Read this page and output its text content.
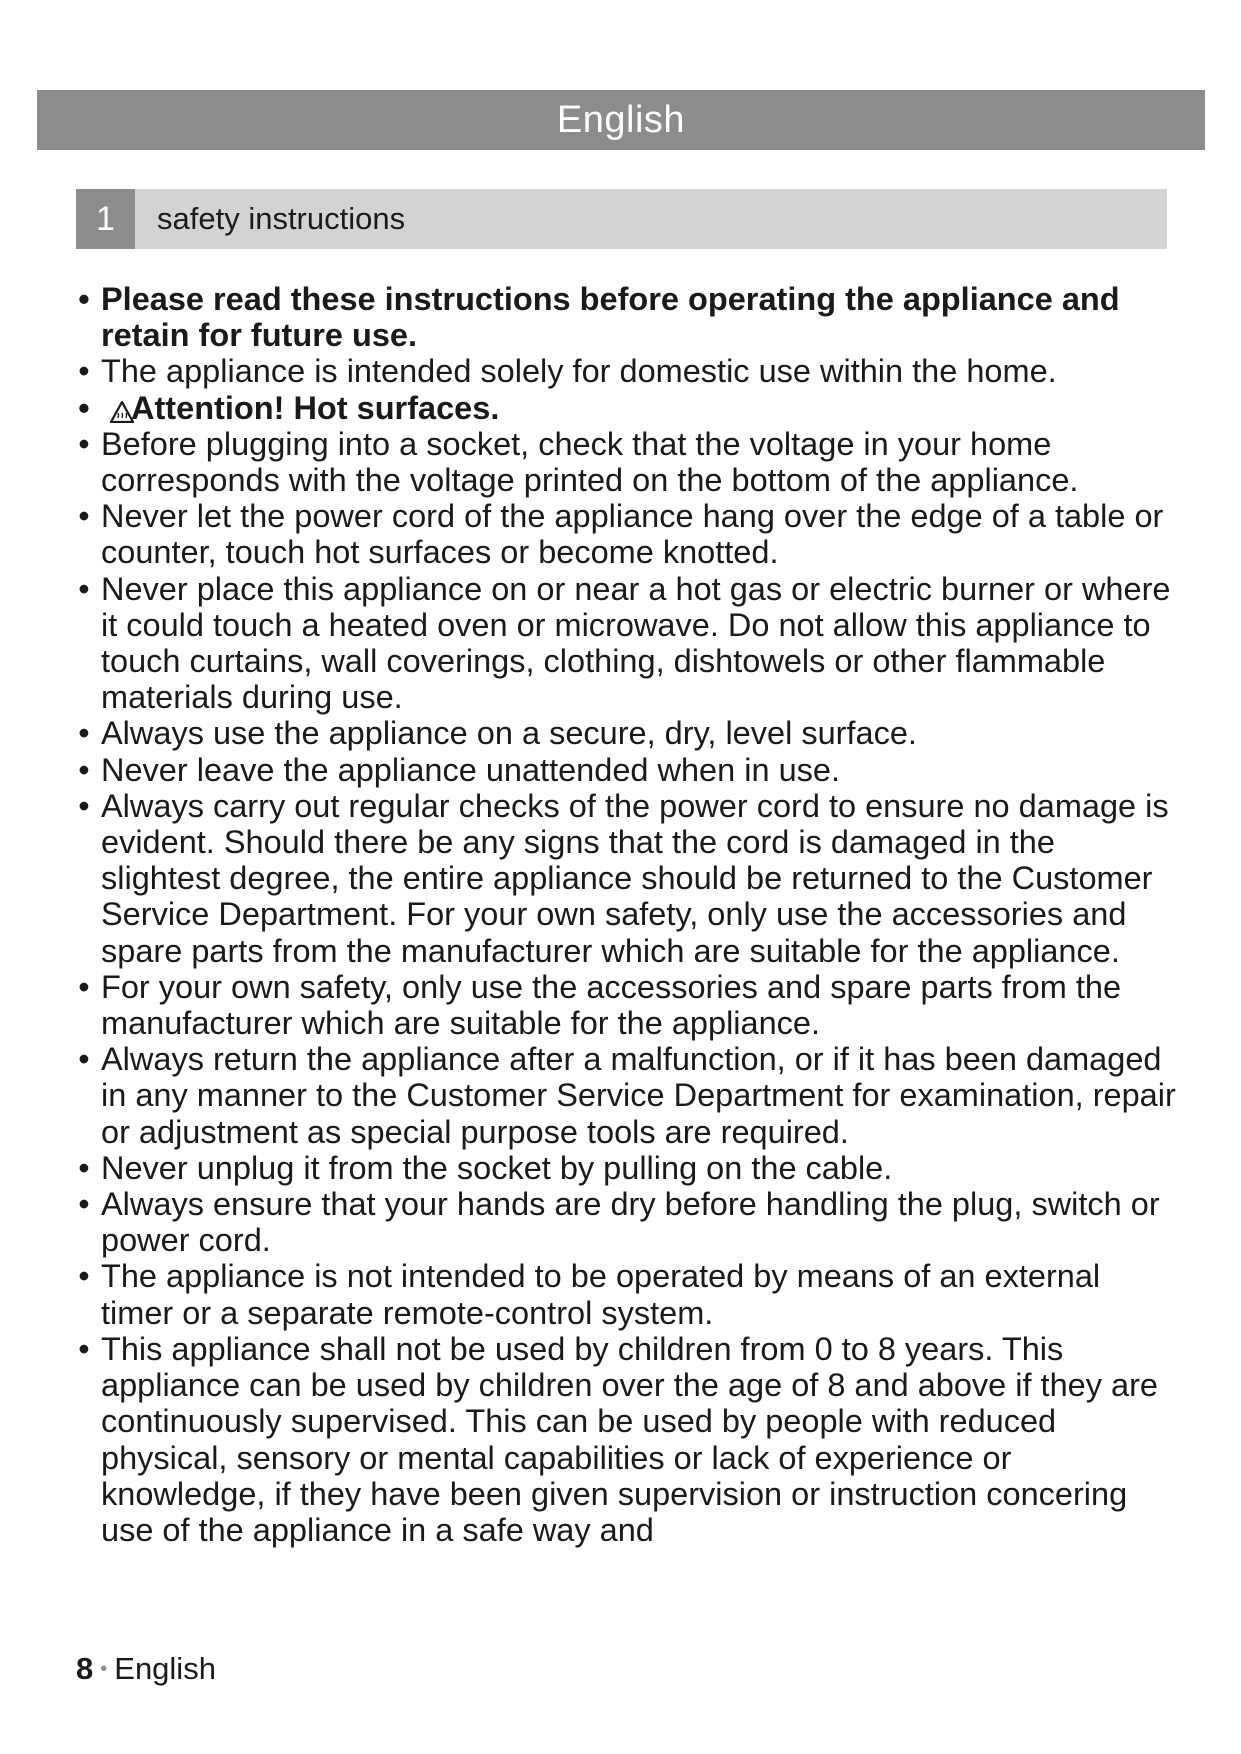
English
1	safety instructions
• Please read these instructions before operating the appliance and retain for future use.
• The appliance is intended solely for domestic use within the home.
• Attention! Hot surfaces.
• Before plugging into a socket, check that the voltage in your home corresponds with the voltage printed on the bottom of the appliance.
• Never let the power cord of the appliance hang over the edge of a table or counter, touch hot surfaces or become knotted.
• Never place this appliance on or near a hot gas or electric burner or where it could touch a heated oven or microwave. Do not allow this appliance to touch curtains, wall coverings, clothing, dishtowels or other flammable materials during use.
• Always use the appliance on a secure, dry, level surface.
• Never leave the appliance unattended when in use.
• Always carry out regular checks of the power cord to ensure no damage is evident. Should there be any signs that the cord is damaged in the slightest degree, the entire appliance should be returned to the Customer Service Department. For your own safety, only use the accessories and spare parts from the manufacturer which are suitable for the appliance.
• For your own safety, only use the accessories and spare parts from the manufacturer which are suitable for the appliance.
• Always return the appliance after a malfunction, or if it has been damaged in any manner to the Customer Service Department for examination, repair or adjustment as special purpose tools are required.
• Never unplug it from the socket by pulling on the cable.
• Always ensure that your hands are dry before handling the plug, switch or power cord.
• The appliance is not intended to be operated by means of an external timer or a separate remote-control system.
• This appliance shall not be used by children from 0 to 8 years. This appliance can be used by children over the age of 8 and above if they are continuously supervised. This can be used by people with reduced physical, sensory or mental capabilities or lack of experience or knowledge, if they have been given supervision or instruction concering use of the appliance in a safe way and
8 • English
